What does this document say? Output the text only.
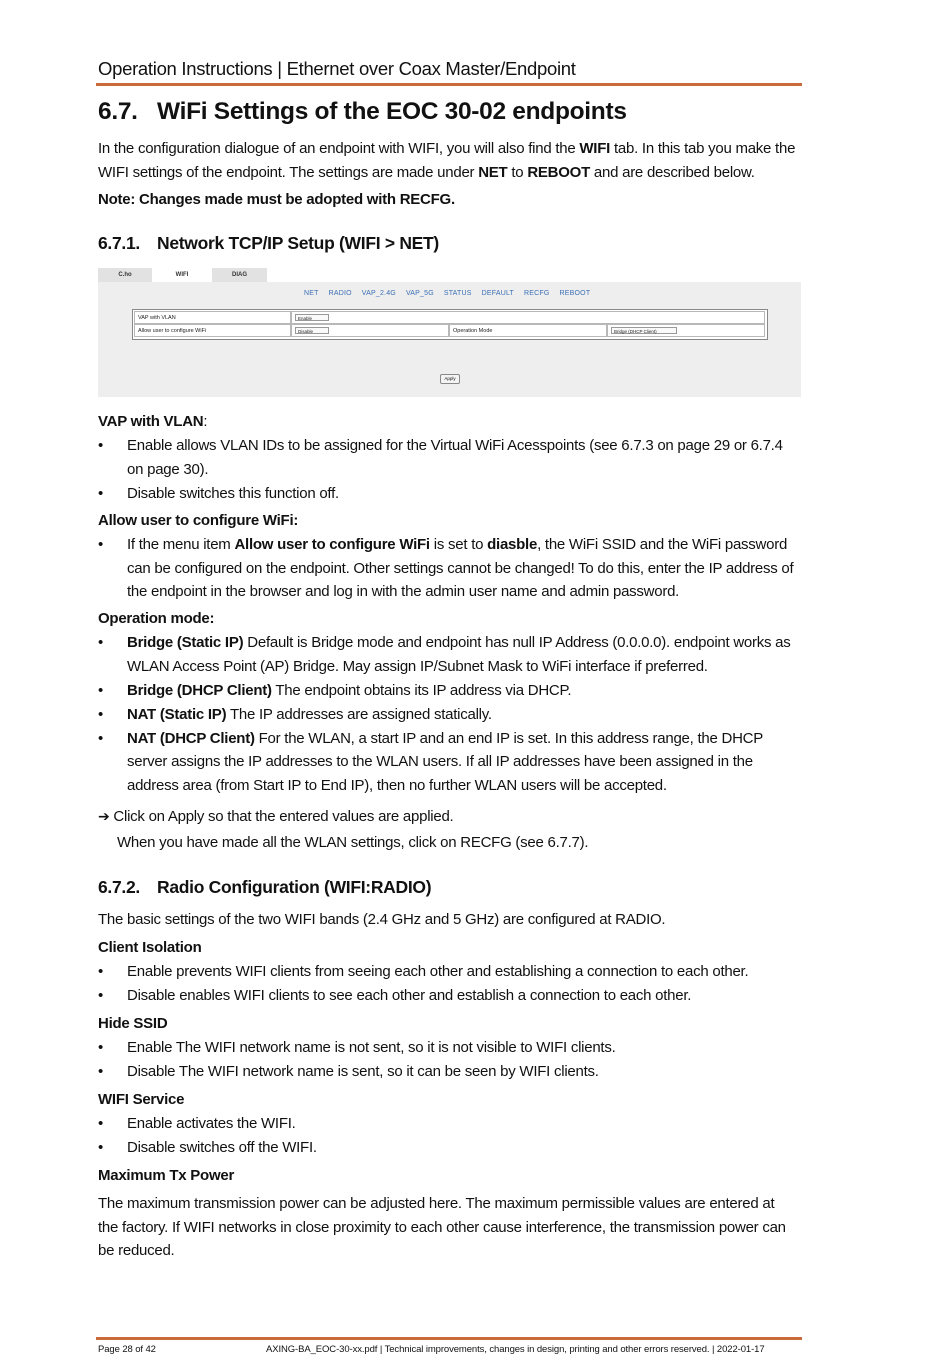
Operation Instructions | Ethernet over Coax Master/Endpoint
6.7. WiFi Settings of the EOC 30-02 endpoints
In the configuration dialogue of an endpoint with WIFI, you will also find the WIFI tab. In this tab you make the WIFI settings of the endpoint. The settings are made under NET to REBOOT and are described below.
Note: Changes made must be adopted with RECFG.
6.7.1. Network TCP/IP Setup (WIFI > NET)
C.ho	WIFI	DIAG
NET RADIO VAP_2.4G VAP_5G STATUS DEFAULT RECFG REBOOT
VAP with VLAN	Enable
Allow user to configure WiFi	Disable	Operation Mode	Bridge (DHCP Client)
Apply
VAP with VLAN:
• Enable allows VLAN IDs to be assigned for the Virtual WiFi Acesspoints (see 6.7.3 on page 29 or 6.7.4 on page 30).
• Disable switches this function off.
Allow user to configure WiFi:
• If the menu item Allow user to configure WiFi is set to diasble, the WiFi SSID and the WiFi password can be configured on the endpoint. Other settings cannot be changed! To do this, enter the IP address of the endpoint in the browser and log in with the admin user name and admin password.
Operation mode:
• Bridge (Static IP) Default is Bridge mode and endpoint has null IP Address (0.0.0.0). endpoint works as WLAN Access Point (AP) Bridge. May assign IP/Subnet Mask to WiFi interface if preferred.
• Bridge (DHCP Client) The endpoint obtains its IP address via DHCP.
• NAT (Static IP) The IP addresses are assigned statically.
• NAT (DHCP Client) For the WLAN, a start IP and an end IP is set. In this address range, the DHCP server assigns the IP addresses to the WLAN users. If all IP addresses have been assigned in the address area (from Start IP to End IP), then no further WLAN users will be accepted.
➔ Click on Apply so that the entered values are applied.
When you have made all the WLAN settings, click on RECFG (see 6.7.7).
6.7.2. Radio Configuration (WIFI:RADIO)
The basic settings of the two WIFI bands (2.4 GHz and 5 GHz) are configured at RADIO.
Client Isolation
• Enable prevents WIFI clients from seeing each other and establishing a connection to each other.
• Disable enables WIFI clients to see each other and establish a connection to each other.
Hide SSID
• Enable The WIFI network name is not sent, so it is not visible to WIFI clients.
• Disable The WIFI network name is sent, so it can be seen by WIFI clients.
WIFI Service
• Enable activates the WIFI.
• Disable switches off the WIFI.
Maximum Tx Power
The maximum transmission power can be adjusted here. The maximum permissible values are entered at the factory. If WIFI networks in close proximity to each other cause interference, the transmission power can be reduced.
Page 28 of 42	AXING-BA_EOC-30-xx.pdf | Technical improvements, changes in design, printing and other errors reserved. | 2022-01-17
